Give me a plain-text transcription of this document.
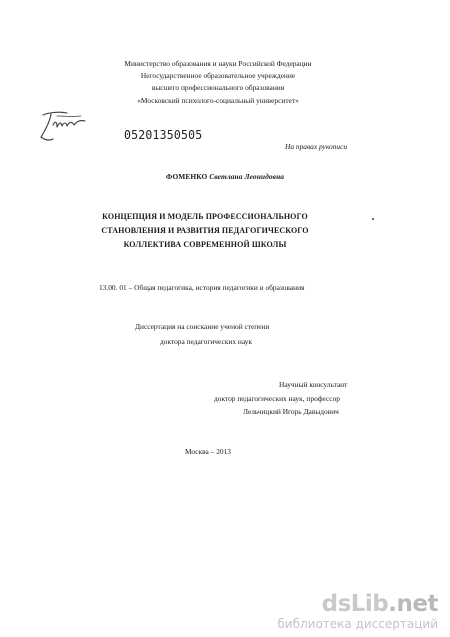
Министерство образования и науки Российской Федерации
Негосударственное образовательное учреждение
высшего профессионального образования
«Московский психолого-социальный университет»
05201350505
На правах рукописи
ФОМЕНКО Светлана Леонидовна
КОНЦЕПЦИЯ И МОДЕЛЬ ПРОФЕССИОНАЛЬНОГО
СТАНОВЛЕНИЯ И РАЗВИТИЯ ПЕДАГОГИЧЕСКОГО
КОЛЛЕКТИВА СОВРЕМЕННОЙ ШКОЛЫ
13.00. 01 – Общая педагогика, история педагогики и образования
Диссертация на соискание ученой степени
доктора педагогических наук
Научный консультант
доктор педагогических наук, профессор
Лельчицкий Игорь Давыдович
Москва – 2013
dsLib.net
библиотека диссертаций
